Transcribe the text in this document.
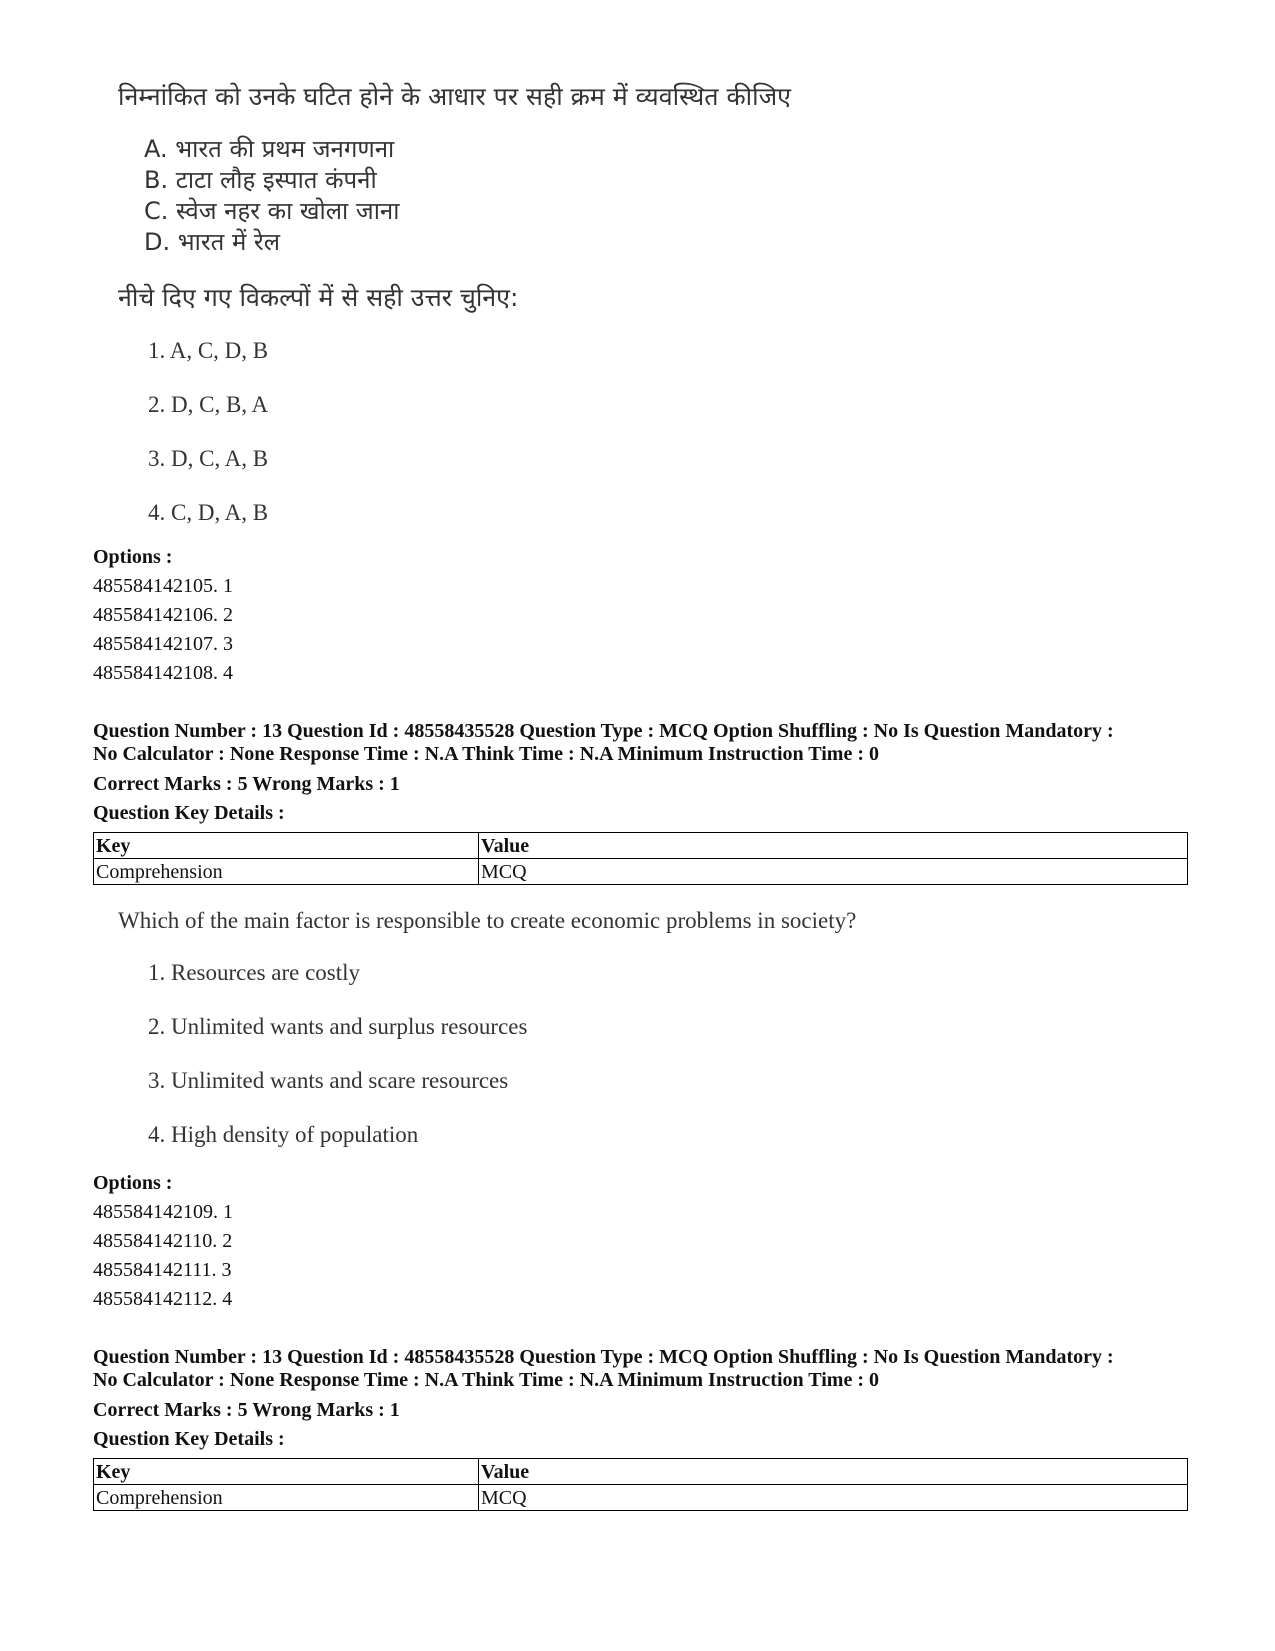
निम्नांकित को उनके घटित होने के आधार पर सही क्रम में व्यवस्थित कीजिए
A. भारत की प्रथम जनगणना
B. टाटा लौह इस्पात कंपनी
C. स्वेज नहर का खोला जाना
D. भारत में रेल
नीचे दिए गए विकल्पों में से सही उत्तर चुनिए:
1. A, C, D, B
2. D, C, B, A
3. D, C, A, B
4. C, D, A, B
Options :
485584142105. 1
485584142106. 2
485584142107. 3
485584142108. 4
Question Number : 13 Question Id : 48558435528 Question Type : MCQ Option Shuffling : No Is Question Mandatory :
No Calculator : None Response Time : N.A Think Time : N.A Minimum Instruction Time : 0
Correct Marks : 5 Wrong Marks : 1
Question Key Details :
Key	Value
Comprehension	MCQ
Which of the main factor is responsible to create economic problems in society?
1. Resources are costly
2. Unlimited wants and surplus resources
3. Unlimited wants and scare resources
4. High density of population
Options :
485584142109. 1
485584142110. 2
485584142111. 3
485584142112. 4
Question Number : 13 Question Id : 48558435528 Question Type : MCQ Option Shuffling : No Is Question Mandatory :
No Calculator : None Response Time : N.A Think Time : N.A Minimum Instruction Time : 0
Correct Marks : 5 Wrong Marks : 1
Question Key Details :
Key	Value
Comprehension	MCQ
